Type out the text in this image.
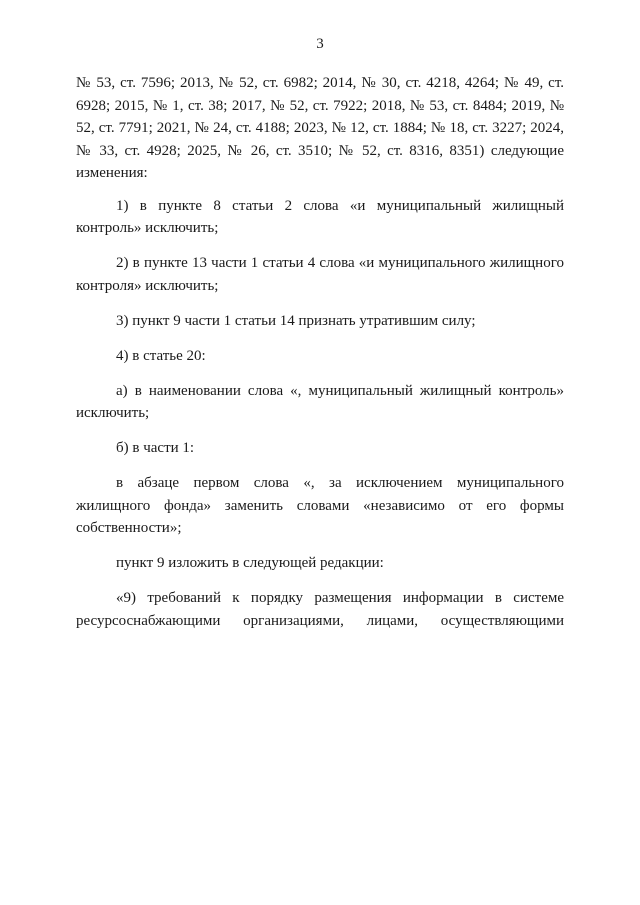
3

№ 53, ст. 7596; 2013, № 52, ст. 6982; 2014, № 30, ст. 4218, 4264; № 49, ст. 6928; 2015, № 1, ст. 38; 2017, № 52, ст. 7922; 2018, № 53, ст. 8484; 2019, № 52, ст. 7791; 2021, № 24, ст. 4188; 2023, № 12, ст. 1884; № 18, ст. 3227; 2024, № 33, ст. 4928; 2025, № 26, ст. 3510; № 52, ст. 8316, 8351) следующие изменения:

1) в пункте 8 статьи 2 слова «и муниципальный жилищный контроль» исключить;

2) в пункте 13 части 1 статьи 4 слова «и муниципального жилищного контроля» исключить;

3) пункт 9 части 1 статьи 14 признать утратившим силу;

4) в статье 20:

а) в наименовании слова «, муниципальный жилищный контроль» исключить;

б) в части 1:

в абзаце первом слова «, за исключением муниципального жилищного фонда» заменить словами «независимо от его формы собственности»;

пункт 9 изложить в следующей редакции:

«9) требований к порядку размещения информации в системе ресурсоснабжающими организациями, лицами, осуществляющими
